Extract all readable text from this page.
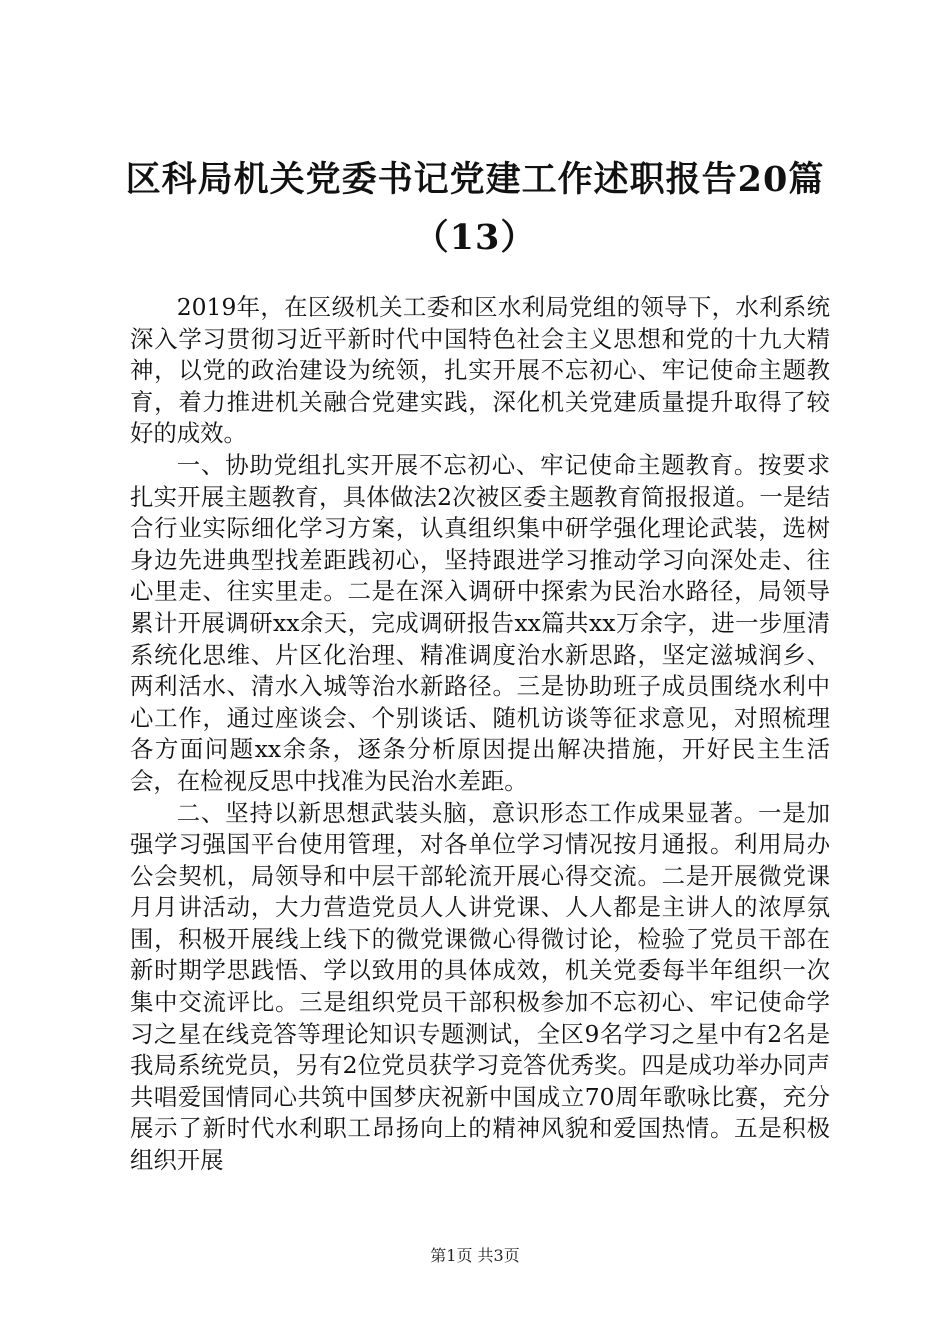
区科局机关党委书记党建工作述职报告20篇
（13）

2019年，在区级机关工委和区水利局党组的领导下，水利系统深入学习贯彻习近平新时代中国特色社会主义思想和党的十九大精神，以党的政治建设为统领，扎实开展不忘初心、牢记使命主题教育，着力推进机关融合党建实践，深化机关党建质量提升取得了较好的成效。

一、协助党组扎实开展不忘初心、牢记使命主题教育。按要求扎实开展主题教育，具体做法2次被区委主题教育简报报道。一是结合行业实际细化学习方案，认真组织集中研学强化理论武装，选树身边先进典型找差距践初心，坚持跟进学习推动学习向深处走、往心里走、往实里走。二是在深入调研中探索为民治水路径，局领导累计开展调研xx余天，完成调研报告xx篇共xx万余字，进一步厘清系统化思维、片区化治理、精准调度治水新思路，坚定滋城润乡、两利活水、清水入城等治水新路径。三是协助班子成员围绕水利中心工作，通过座谈会、个别谈话、随机访谈等征求意见，对照梳理各方面问题xx余条，逐条分析原因提出解决措施，开好民主生活会，在检视反思中找准为民治水差距。

二、坚持以新思想武装头脑，意识形态工作成果显著。一是加强学习强国平台使用管理，对各单位学习情况按月通报。利用局办公会契机，局领导和中层干部轮流开展心得交流。二是开展微党课月月讲活动，大力营造党员人人讲党课、人人都是主讲人的浓厚氛围，积极开展线上线下的微党课微心得微讨论，检验了党员干部在新时期学思践悟、学以致用的具体成效，机关党委每半年组织一次集中交流评比。三是组织党员干部积极参加不忘初心、牢记使命学习之星在线竞答等理论知识专题测试，全区9名学习之星中有2名是我局系统党员，另有2位党员获学习竞答优秀奖。四是成功举办同声共唱爱国情同心共筑中国梦庆祝新中国成立70周年歌咏比赛，充分展示了新时代水利职工昂扬向上的精神风貌和爱国热情。五是积极组织开展

第1页 共3页
